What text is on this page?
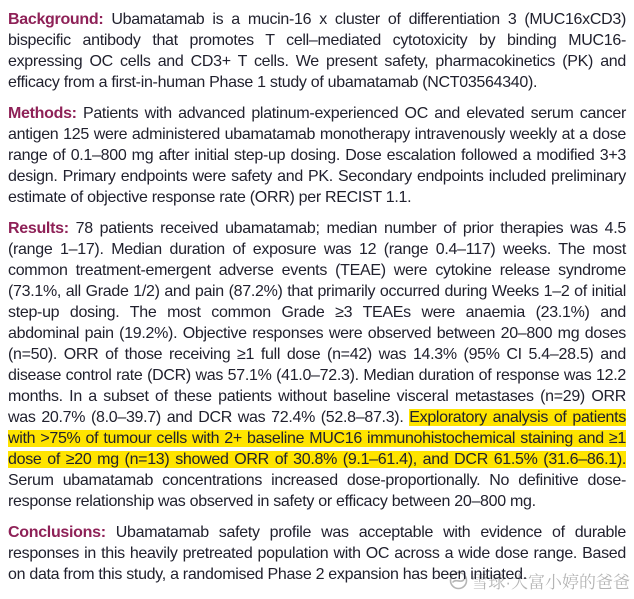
雪球·大富小婷的爸爸

Background: Ubamatamab is a mucin-16 x cluster of differentiation 3 (MUC16xCD3) bispecific antibody that promotes T cell–mediated cytotoxicity by binding MUC16-expressing OC cells and CD3+ T cells. We present safety, pharmacokinetics (PK) and efficacy from a first-in-human Phase 1 study of ubamatamab (NCT03564340).

Methods: Patients with advanced platinum-experienced OC and elevated serum cancer antigen 125 were administered ubamatamab monotherapy intravenously weekly at a dose range of 0.1–800 mg after initial step-up dosing. Dose escalation followed a modified 3+3 design. Primary endpoints were safety and PK. Secondary endpoints included preliminary estimate of objective response rate (ORR) per RECIST 1.1.

Results: 78 patients received ubamatamab; median number of prior therapies was 4.5 (range 1–17). Median duration of exposure was 12 (range 0.4–117) weeks. The most common treatment-emergent adverse events (TEAE) were cytokine release syndrome (73.1%, all Grade 1/2) and pain (87.2%) that primarily occurred during Weeks 1–2 of initial step-up dosing. The most common Grade ≥3 TEAEs were anaemia (23.1%) and abdominal pain (19.2%). Objective responses were observed between 20–800 mg doses (n=50). ORR of those receiving ≥1 full dose (n=42) was 14.3% (95% CI 5.4–28.5) and disease control rate (DCR) was 57.1% (41.0–72.3). Median duration of response was 12.2 months. In a subset of these patients without baseline visceral metastases (n=29) ORR was 20.7% (8.0–39.7) and DCR was 72.4% (52.8–87.3). Exploratory analysis of patients with >75% of tumour cells with 2+ baseline MUC16 immunohistochemical staining and ≥1 dose of ≥20 mg (n=13) showed ORR of 30.8% (9.1–61.4), and DCR 61.5% (31.6–86.1). Serum ubamatamab concentrations increased dose-proportionally. No definitive dose-response relationship was observed in safety or efficacy between 20–800 mg.

Conclusions: Ubamatamab safety profile was acceptable with evidence of durable responses in this heavily pretreated population with OC across a wide dose range. Based on data from this study, a randomised Phase 2 expansion has been initiated.
